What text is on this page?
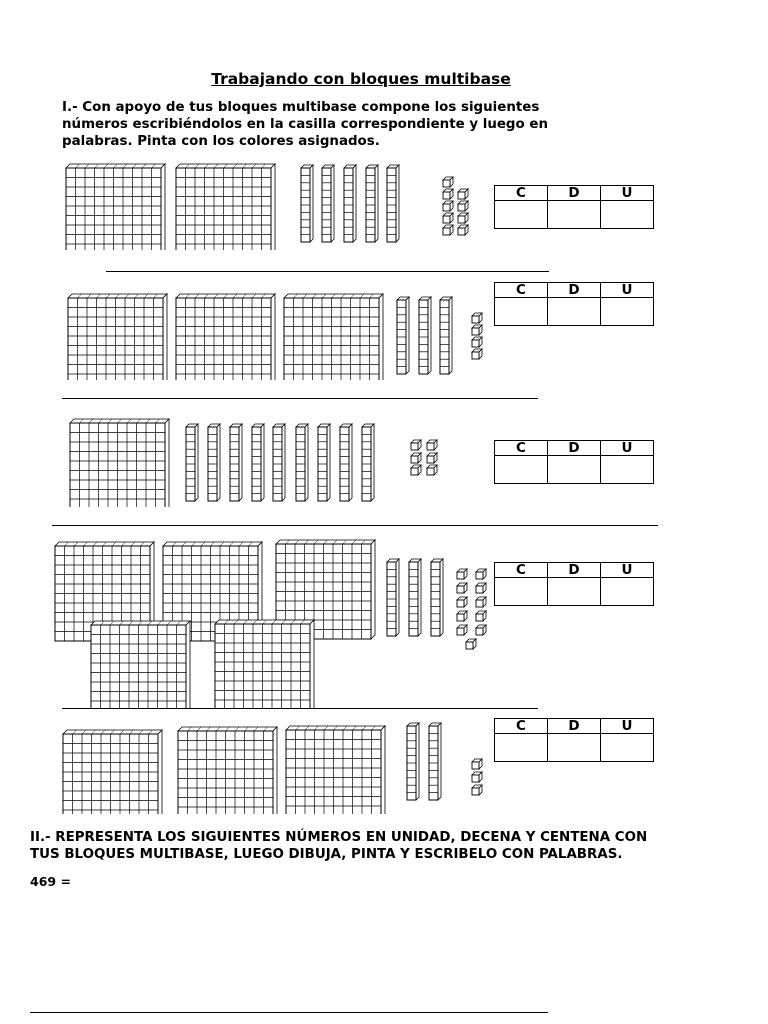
Trabajando con bloques multibase
I.- Con apoyo de tus bloques multibase compone los siguientes
números escribiéndolos en la casilla correspondiente y luego en
palabras. Pinta con los colores asignados.
C	D	U

C	D	U

C	D	U

C	D	U

C	D	U

II.- REPRESENTA LOS SIGUIENTES NÚMEROS EN UNIDAD, DECENA Y CENTENA CON
TUS BLOQUES MULTIBASE, LUEGO DIBUJA, PINTA Y ESCRIBELO CON PALABRAS.
469 =
